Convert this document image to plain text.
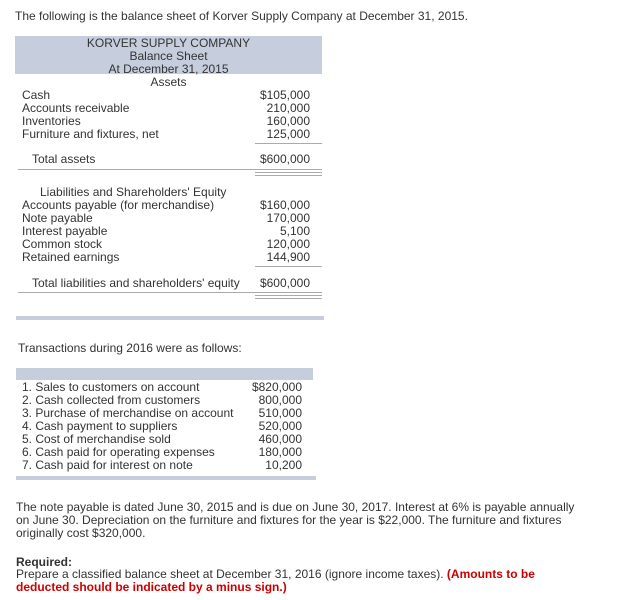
The following is the balance sheet of Korver Supply Company at December 31, 2015.
KORVER SUPPLY COMPANY
Balance Sheet
At December 31, 2015
Assets
Cash	$105,000
Accounts receivable	210,000
Inventories	160,000
Furniture and fixtures, net	125,000
Total assets	$600,000
Liabilities and Shareholders' Equity
Accounts payable (for merchandise)	$160,000
Note payable	170,000
Interest payable	5,100
Common stock	120,000
Retained earnings	144,900
Total liabilities and shareholders' equity $600,000
Transactions during 2016 were as follows:
1. Sales to customers on account	$820,000
2. Cash collected from customers	800,000
3. Purchase of merchandise on account 510,000
4. Cash payment to suppliers	520,000
5. Cost of merchandise sold	460,000
6. Cash paid for operating expenses	180,000
7. Cash paid for interest on note	10,200
The note payable is dated June 30, 2015 and is due on June 30, 2017. Interest at 6% is payable annually on June 30. Depreciation on the furniture and fixtures for the year is $22,000. The furniture and fixtures originally cost $320,000.
Required:
Prepare a classified balance sheet at December 31, 2016 (ignore income taxes). (Amounts to be deducted should be indicated by a minus sign.)
